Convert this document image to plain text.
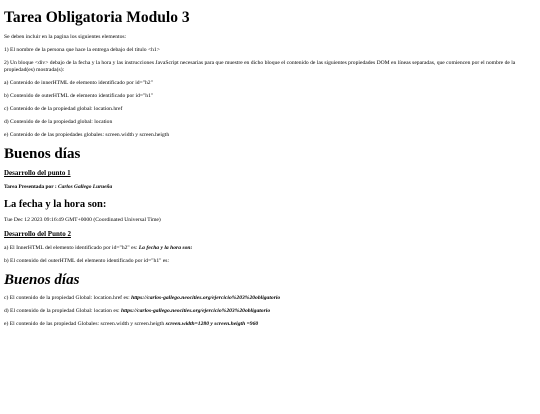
Tarea Obligatoria Modulo 3

Se deben incluir en la pagina los siguientes elementos:

1) El nombre de la persona que hace la entrega debajo del titulo <h1>

2) Un bloque <div> debajo de la fecha y la hora y las instrucciones JavaScript necesarias para que muestre en dicho bloque el contenido de las siguientes propiedades DOM en líneas separadas, que comiencen por el nombre de la propiedad(es) mostrada(s):

a) Contenido de innerHTML de elemento identificado por id="h2"

b) Contenido de outerHTML de elemento identificado por id="h1"

c) Contenido de de la propiedad global: location.href

d) Contenido de de la propiedad global: location

e) Contenido de de las propiedades globales: screen.width y screen.heigth

Buenos días
Desarrollo del punto 1
Tarea Presentada por : Carlos Gallego Lurueña
La fecha y la hora son:

Tue Dec 12 2023 09:16:49 GMT+0000 (Coordinated Universal Time)

Desarrollo del Punto 2

a) El InnerHTML del elemento identificado por id="h2" es: La fecha y la hora son:

b) El contenido del outerHTML del elemento identificado por id="h1" es:

Buenos días

c) El contenido de la propiedad Global: location.href es: https://carlos-gallego.neocities.org/ejercicio%203%20obligatorio

d) El contenido de la propiedad Global: location es: https://carlos-gallego.neocities.org/ejercicio%203%20obligatorio

e) El contenido de las propiedad Globales: screen.width y screen.heigth screen.width=1280 y screen.heigth =960
